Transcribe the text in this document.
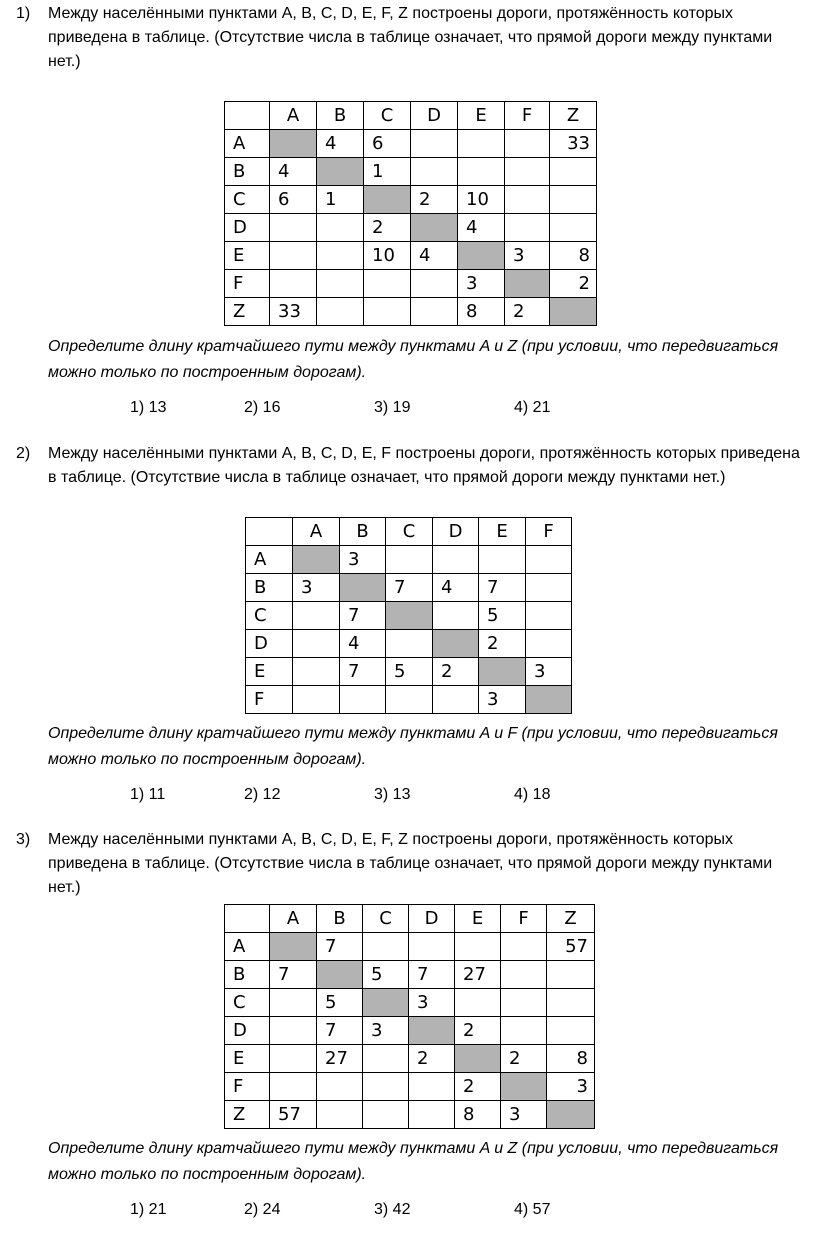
1) Между населёнными пунктами A, B, C, D, E, F, Z построены дороги, протяжённость которых приведена в таблице. (Отсутствие числа в таблице означает, что прямой дороги между пунктами нет.)
	A	B	C	D	E	F	Z
A		4	6				33
B	4		1				
C	6	1		2	10		
D			2		4		
E			10	4		3	8
F					3		2
Z	33				8	2	
Определите длину кратчайшего пути между пунктами A и Z (при условии, что передвигаться можно только по построенным дорогам).
1) 13	2) 16	3) 19	4) 21
2) Между населёнными пунктами A, B, C, D, E, F построены дороги, протяжённость которых приведена в таблице. (Отсутствие числа в таблице означает, что прямой дороги между пунктами нет.)
	A	B	C	D	E	F
A		3				
B	3		7	4	7	
C		7			5	
D		4			2	
E		7	5	2		3
F					3	
Определите длину кратчайшего пути между пунктами A и F (при условии, что передвигаться можно только по построенным дорогам).
1) 11	2) 12	3) 13	4) 18
3) Между населёнными пунктами A, B, C, D, E, F, Z построены дороги, протяжённость которых приведена в таблице. (Отсутствие числа в таблице означает, что прямой дороги между пунктами нет.)
	A	B	C	D	E	F	Z
A		7					57
B	7		5	7	27		
C		5		3			
D		7	3		2		
E		27		2		2	8
F					2		3
Z	57				8	3	
Определите длину кратчайшего пути между пунктами A и Z (при условии, что передвигаться можно только по построенным дорогам).
1) 21	2) 24	3) 42	4) 57
